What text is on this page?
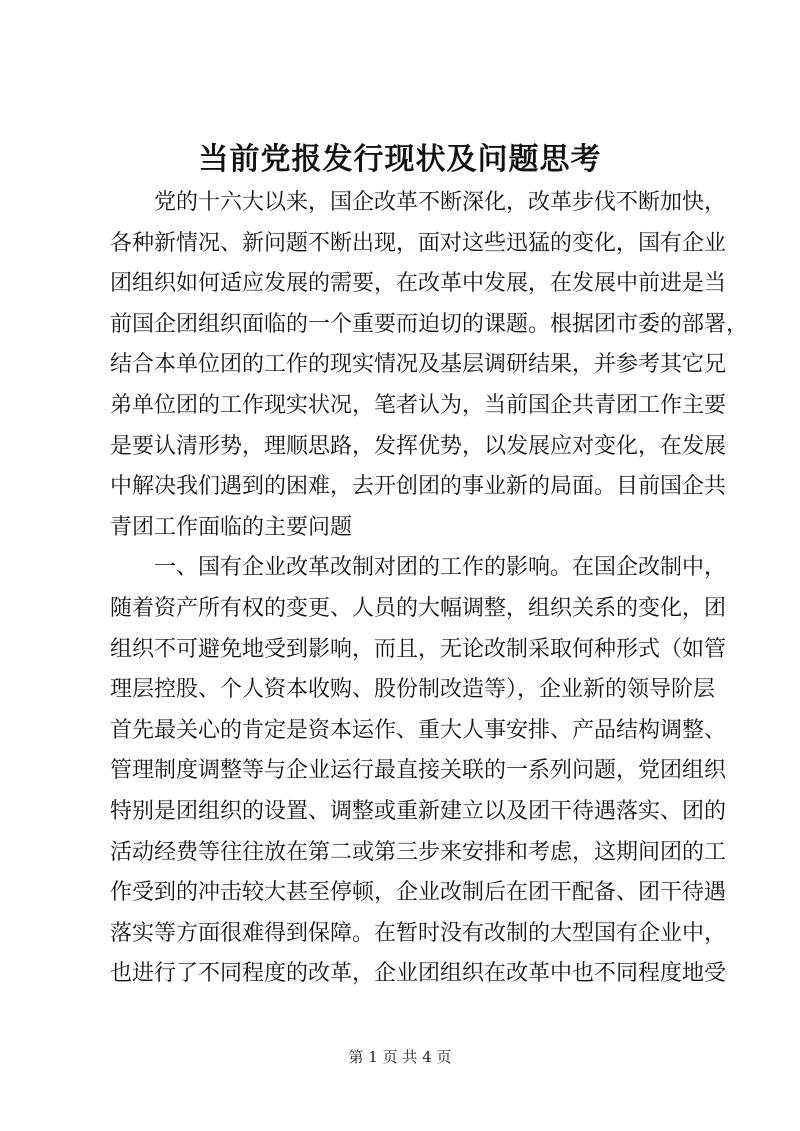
当前党报发行现状及问题思考
党的十六大以来，国企改革不断深化，改革步伐不断加快，
各种新情况、新问题不断出现，面对这些迅猛的变化，国有企业
团组织如何适应发展的需要，在改革中发展，在发展中前进是当
前国企团组织面临的一个重要而迫切的课题。根据团市委的部署，
结合本单位团的工作的现实情况及基层调研结果，并参考其它兄
弟单位团的工作现实状况，笔者认为，当前国企共青团工作主要
是要认清形势，理顺思路，发挥优势，以发展应对变化，在发展
中解决我们遇到的困难，去开创团的事业新的局面。目前国企共
青团工作面临的主要问题
一、国有企业改革改制对团的工作的影响。在国企改制中，
随着资产所有权的变更、人员的大幅调整，组织关系的变化，团
组织不可避免地受到影响，而且，无论改制采取何种形式（如管
理层控股、个人资本收购、股份制改造等），企业新的领导阶层
首先最关心的肯定是资本运作、重大人事安排、产品结构调整、
管理制度调整等与企业运行最直接关联的一系列问题，党团组织
特别是团组织的设置、调整或重新建立以及团干待遇落实、团的
活动经费等往往放在第二或第三步来安排和考虑，这期间团的工
作受到的冲击较大甚至停顿，企业改制后在团干配备、团干待遇
落实等方面很难得到保障。在暂时没有改制的大型国有企业中，
也进行了不同程度的改革，企业团组织在改革中也不同程度地受
第 1 页 共 4 页
